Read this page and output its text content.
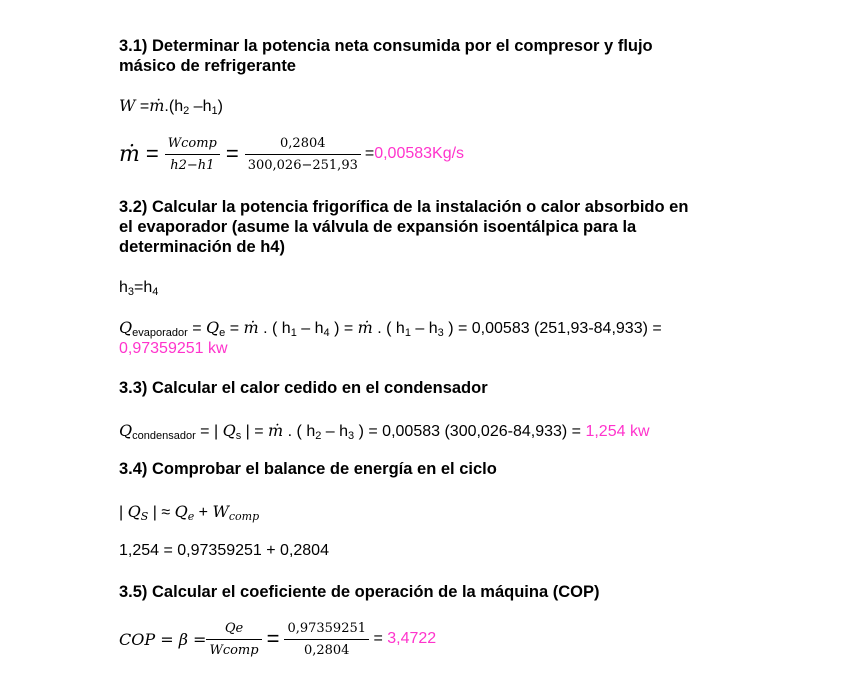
3.1) Determinar la potencia neta consumida por el compresor y flujo
másico de refrigerante
$W =ṁ.(h_2$ $-h_1$)
ṁ = $\frac{\text{Wcomp}}{h2-h1} = \frac{0,2804}{300,026-251,93} = 0,00583Kg/s$
3.2) Calcular la potencia frigorífica de la instalación o calor absorbido en
el evaporador (asume la válvula de expansión isoentálpica para la
determinación de h4)
$h_3=h_4$
$Q_{evaporador} = Q_e$ = ṁ . ( $h_1 - h_4$ ) = ṁ . ( $h_1 - h_3$ ) = 0,00583 (251,93-84,933) =
0,97359251 kw
3.3) Calcular el calor cedido en el condensador
$Q_{condensador}$ = | $Q_s$ | = ṁ . ( $h_2 - h_3$ ) = 0,00583 (300,026-84,933) = 1,254 kw
3.4) Comprobar el balance de energía en el ciclo
| $Q_S$ | ≈ $Q_e + W_{comp}$
1,254 = 0,97359251 + 0,2804
3.5) Calcular el coeficiente de operación de la máquina (COP)
COP = $\beta = \frac{Qe}{\text{Wcomp}} = \frac{0,97359251}{0,2804} = 3,4722$
